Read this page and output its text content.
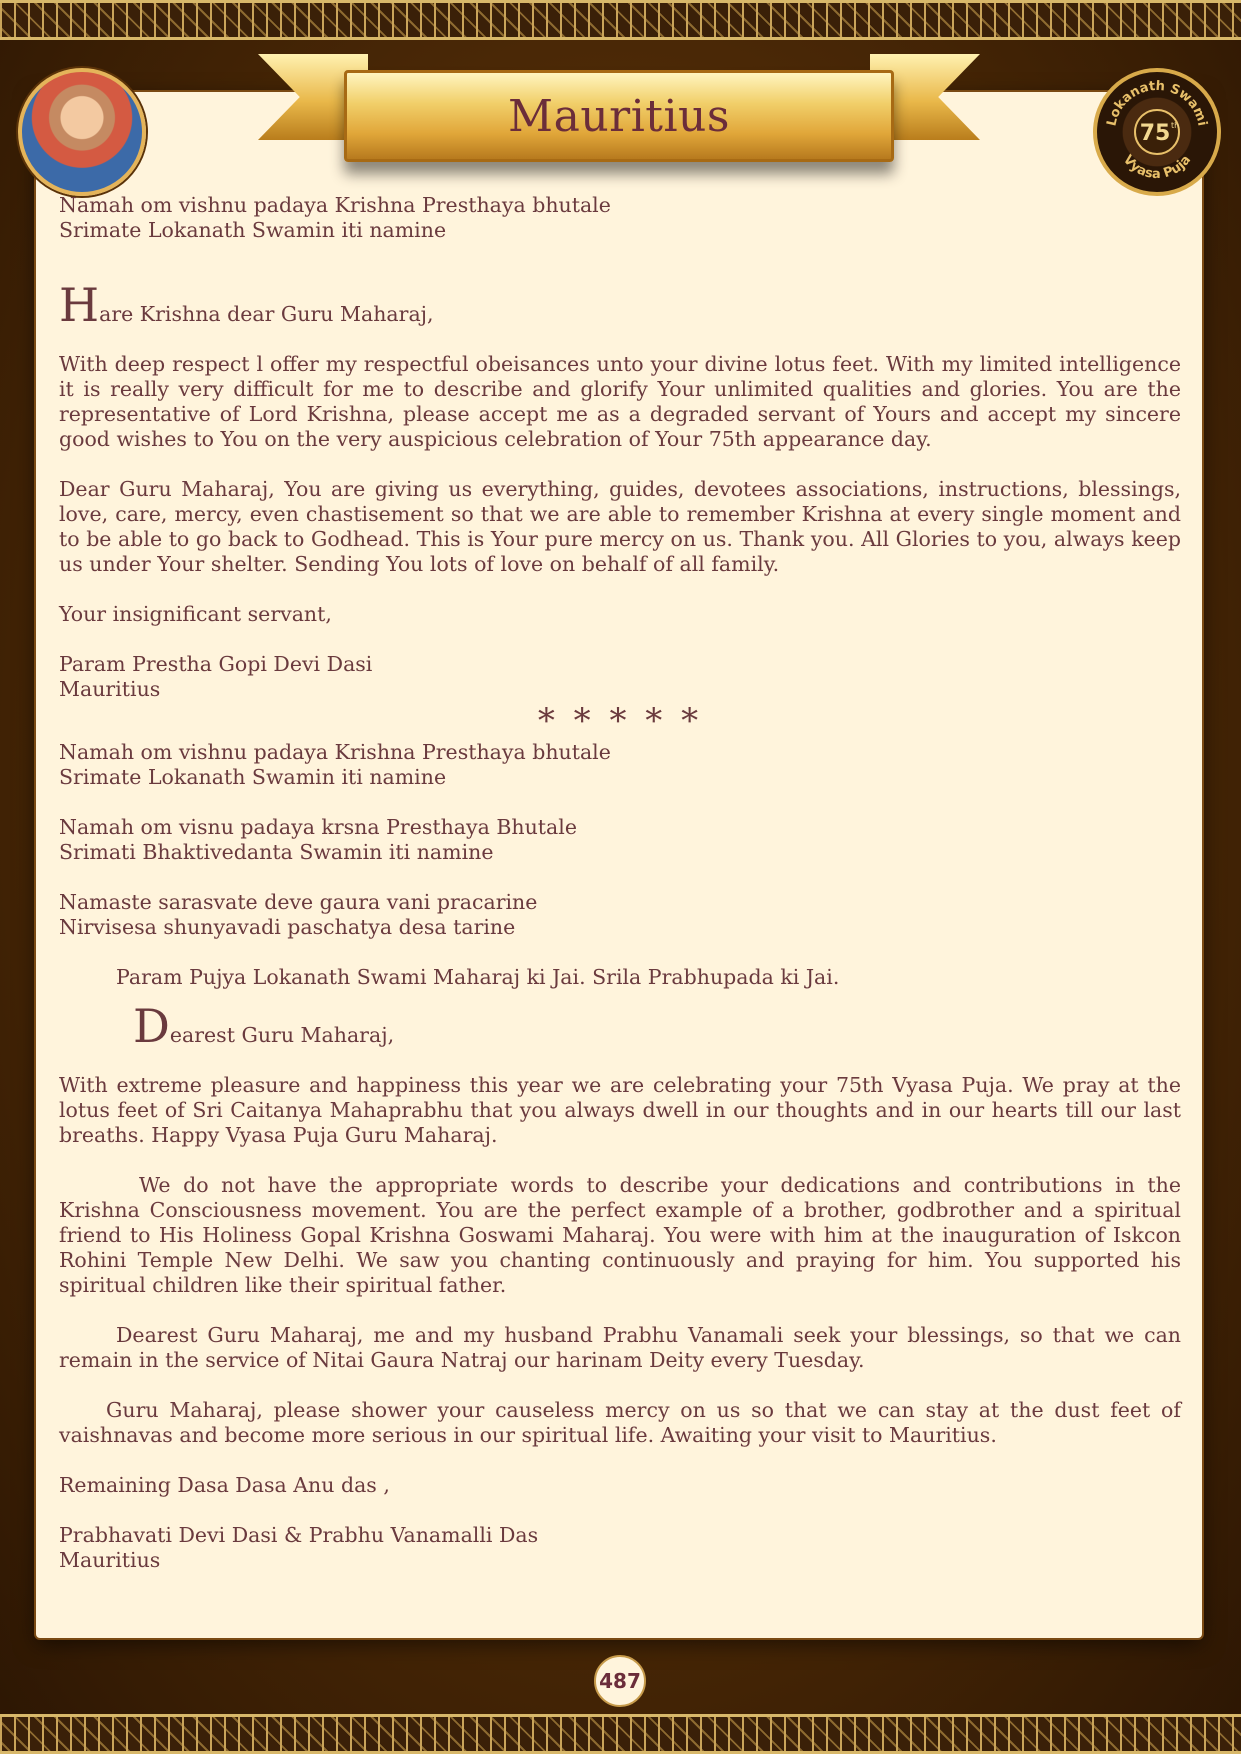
Mauritius	Lokanath Swami
Vyasa Puja
75 th

Namah om vishnu padaya Krishna Presthaya bhutale

Srimate Lokanath Swamin iti namine

H are Krishna dear Guru Maharaj,

With deep respect l offer my respectful obeisances unto your divine lotus feet. With my limited intelligence it is really very difficult for me to describe and glorify Your unlimited qualities and glories. You are the representative of Lord Krishna, please accept me as a degraded servant of Yours and accept my sincere good wishes to You on the very auspicious celebration of Your 75th appearance day.

Dear Guru Maharaj, You are giving us everything, guides, devotees associations, instructions, blessings, love, care, mercy, even chastisement so that we are able to remember Krishna at every single moment and to be able to go back to Godhead. This is Your pure mercy on us. Thank you. All Glories to you, always keep us under Your shelter. Sending You lots of love on behalf of all family.

Your insignificant servant,

Param Prestha Gopi Devi Dasi

Mauritius

* * * * *

Namah om vishnu padaya Krishna Presthaya bhutale

Srimate Lokanath Swamin iti namine

Namah om visnu padaya krsna Presthaya Bhutale

Srimati Bhaktivedanta Swamin iti namine

Namaste sarasvate deve gaura vani pracarine

Nirvisesa shunyavadi paschatya desa tarine

Param Pujya Lokanath Swami Maharaj ki Jai. Srila Prabhupada ki Jai.

D earest Guru Maharaj,

With extreme pleasure and happiness this year we are celebrating your 75th Vyasa Puja. We pray at the lotus feet of Sri Caitanya Mahaprabhu that you always dwell in our thoughts and in our hearts till our last breaths. Happy Vyasa Puja Guru Maharaj.

We do not have the appropriate words to describe your dedications and contributions in the Krishna Consciousness movement. You are the perfect example of a brother, godbrother and a spiritual friend to His Holiness Gopal Krishna Goswami Maharaj. You were with him at the inauguration of Iskcon Rohini Temple New Delhi. We saw you chanting continuously and praying for him. You supported his spiritual children like their spiritual father.

Dearest Guru Maharaj, me and my husband Prabhu Vanamali seek your blessings, so that we can remain in the service of Nitai Gaura Natraj our harinam Deity every Tuesday.

Guru Maharaj, please shower your causeless mercy on us so that we can stay at the dust feet of vaishnavas and become more serious in our spiritual life. Awaiting your visit to Mauritius.

Remaining Dasa Dasa Anu das ,

Prabhavati Devi Dasi & Prabhu Vanamalli Das

Mauritius

487
